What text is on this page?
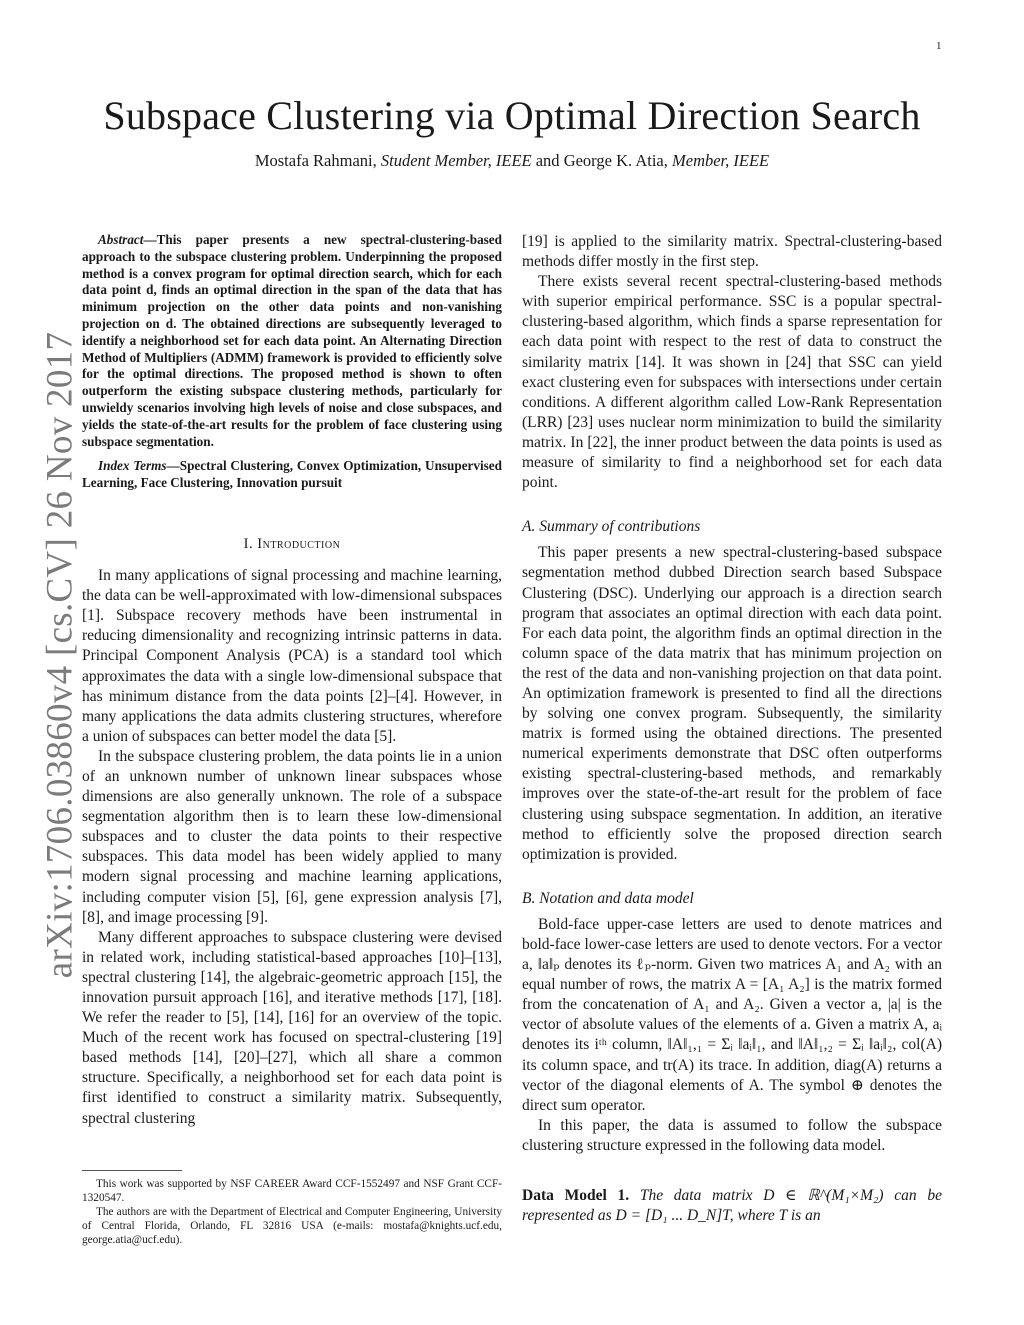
1
arXiv:1706.03860v4 [cs.CV] 26 Nov 2017
Subspace Clustering via Optimal Direction Search
Mostafa Rahmani, Student Member, IEEE and George K. Atia, Member, IEEE

Abstract—This paper presents a new spectral-clustering-based approach to the subspace clustering problem. Underpinning the proposed method is a convex program for optimal direction search, which for each data point d, finds an optimal direction in the span of the data that has minimum projection on the other data points and non-vanishing projection on d. The obtained directions are subsequently leveraged to identify a neighborhood set for each data point. An Alternating Direction Method of Multipliers (ADMM) framework is provided to efficiently solve for the optimal directions. The proposed method is shown to often outperform the existing subspace clustering methods, particularly for unwieldy scenarios involving high levels of noise and close subspaces, and yields the state-of-the-art results for the problem of face clustering using subspace segmentation.

Index Terms—Spectral Clustering, Convex Optimization, Unsupervised Learning, Face Clustering, Innovation pursuit

I. Introduction

In many applications of signal processing and machine learning, the data can be well-approximated with low-dimensional subspaces [1]. Subspace recovery methods have been instrumental in reducing dimensionality and recognizing intrinsic patterns in data. Principal Component Analysis (PCA) is a standard tool which approximates the data with a single low-dimensional subspace that has minimum distance from the data points [2]–[4]. However, in many applications the data admits clustering structures, wherefore a union of subspaces can better model the data [5].

In the subspace clustering problem, the data points lie in a union of an unknown number of unknown linear subspaces whose dimensions are also generally unknown. The role of a subspace segmentation algorithm then is to learn these low-dimensional subspaces and to cluster the data points to their respective subspaces. This data model has been widely applied to many modern signal processing and machine learning applications, including computer vision [5], [6], gene expression analysis [7], [8], and image processing [9].

Many different approaches to subspace clustering were devised in related work, including statistical-based approaches [10]–[13], spectral clustering [14], the algebraic-geometric approach [15], the innovation pursuit approach [16], and iterative methods [17], [18]. We refer the reader to [5], [14], [16] for an overview of the topic. Much of the recent work has focused on spectral-clustering [19] based methods [14], [20]–[27], which all share a common structure. Specifically, a neighborhood set for each data point is first identified to construct a similarity matrix. Subsequently, spectral clustering

This work was supported by NSF CAREER Award CCF-1552497 and NSF Grant CCF-1320547.

The authors are with the Department of Electrical and Computer Engineering, University of Central Florida, Orlando, FL 32816 USA (e-mails: mostafa@knights.ucf.edu, george.atia@ucf.edu).

[19] is applied to the similarity matrix. Spectral-clustering-based methods differ mostly in the first step.

There exists several recent spectral-clustering-based methods with superior empirical performance. SSC is a popular spectral-clustering-based algorithm, which finds a sparse representation for each data point with respect to the rest of data to construct the similarity matrix [14]. It was shown in [24] that SSC can yield exact clustering even for subspaces with intersections under certain conditions. A different algorithm called Low-Rank Representation (LRR) [23] uses nuclear norm minimization to build the similarity matrix. In [22], the inner product between the data points is used as measure of similarity to find a neighborhood set for each data point.

A. Summary of contributions

This paper presents a new spectral-clustering-based subspace segmentation method dubbed Direction search based Subspace Clustering (DSC). Underlying our approach is a direction search program that associates an optimal direction with each data point. For each data point, the algorithm finds an optimal direction in the column space of the data matrix that has minimum projection on the rest of the data and non-vanishing projection on that data point. An optimization framework is presented to find all the directions by solving one convex program. Subsequently, the similarity matrix is formed using the obtained directions. The presented numerical experiments demonstrate that DSC often outperforms existing spectral-clustering-based methods, and remarkably improves over the state-of-the-art result for the problem of face clustering using subspace segmentation. In addition, an iterative method to efficiently solve the proposed direction search optimization is provided.

B. Notation and data model

Bold-face upper-case letters are used to denote matrices and bold-face lower-case letters are used to denote vectors. For a vector a, ‖a‖ₚ denotes its ℓₚ-norm. Given two matrices A₁ and A₂ with an equal number of rows, the matrix A = [A₁ A₂] is the matrix formed from the concatenation of A₁ and A₂. Given a vector a, |a| is the vector of absolute values of the elements of a. Given a matrix A, aᵢ denotes its iᵗʰ column, ‖A‖₁,₁ = Σᵢ ‖aᵢ‖₁, and ‖A‖₁,₂ = Σᵢ ‖aᵢ‖₂, col(A) its column space, and tr(A) its trace. In addition, diag(A) returns a vector of the diagonal elements of A. The symbol ⊕ denotes the direct sum operator.

In this paper, the data is assumed to follow the subspace clustering structure expressed in the following data model.

Data Model 1. The data matrix D ∈ ℝ^(M₁×M₂) can be represented as D = [D₁ ... D_N]T, where T is an
